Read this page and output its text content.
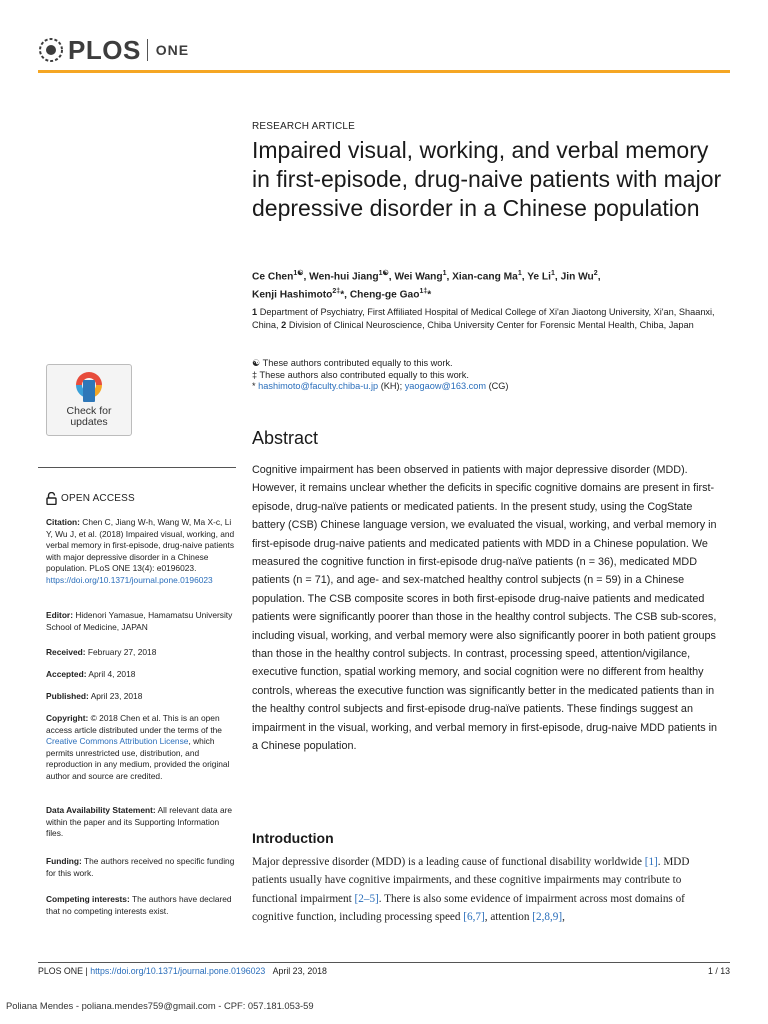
PLOS ONE
Check for updates
OPEN ACCESS
Citation: Chen C, Jiang W-h, Wang W, Ma X-c, Li Y, Wu J, et al. (2018) Impaired visual, working, and verbal memory in first-episode, drug-naive patients with major depressive disorder in a Chinese population. PLoS ONE 13(4): e0196023. https://doi.org/10.1371/journal.pone.0196023
Editor: Hidenori Yamasue, Hamamatsu University School of Medicine, JAPAN
Received: February 27, 2018
Accepted: April 4, 2018
Published: April 23, 2018
Copyright: © 2018 Chen et al. This is an open access article distributed under the terms of the Creative Commons Attribution License, which permits unrestricted use, distribution, and reproduction in any medium, provided the original author and source are credited.
Data Availability Statement: All relevant data are within the paper and its Supporting Information files.
Funding: The authors received no specific funding for this work.
Competing interests: The authors have declared that no competing interests exist.
RESEARCH ARTICLE
Impaired visual, working, and verbal memory in first-episode, drug-naive patients with major depressive disorder in a Chinese population
Ce Chen$^{1☯}$, Wen-hui Jiang$^{1☯}$, Wei Wang$^1$, Xian-cang Ma$^1$, Ye Li$^1$, Jin Wu$^2$,
Kenji Hashimoto$^{2\ddagger}$*, Cheng-ge Gao$^{1\ddagger}$*
1 Department of Psychiatry, First Affiliated Hospital of Medical College of Xi'an Jiaotong University, Xi'an, Shaanxi, China, 2 Division of Clinical Neuroscience, Chiba University Center for Forensic Mental Health, Chiba, Japan
☯ These authors contributed equally to this work.
‡ These authors also contributed equally to this work.
* hashimoto@faculty.chiba-u.jp (KH); yaogaow@163.com (CG)
Abstract
Cognitive impairment has been observed in patients with major depressive disorder (MDD). However, it remains unclear whether the deficits in specific cognitive domains are present in first-episode, drug-naïve patients or medicated patients. In the present study, using the CogState battery (CSB) Chinese language version, we evaluated the visual, working, and verbal memory in first-episode drug-naive patients and medicated patients with MDD in a Chinese population. We measured the cognitive function in first-episode drug-naïve patients (n = 36), medicated MDD patients (n = 71), and age- and sex-matched healthy control subjects (n = 59) in a Chinese population. The CSB composite scores in both first-episode drug-naive patients and medicated patients were significantly poorer than those in the healthy control subjects. The CSB sub-scores, including visual, working, and verbal memory were also significantly poorer in both patient groups than those in the healthy control subjects. In contrast, processing speed, attention/vigilance, executive function, spatial working memory, and social cognition were no different from healthy controls, whereas the executive function was significantly better in the medicated patients than in the healthy control subjects and first-episode drug-naïve patients. These findings suggest an impairment in the visual, working, and verbal memory in first-episode, drug-naive MDD patients in a Chinese population.
Introduction
Major depressive disorder (MDD) is a leading cause of functional disability worldwide [1]. MDD patients usually have cognitive impairments, and these cognitive impairments may contribute to functional impairment [2–5]. There is also some evidence of impairment across most domains of cognitive function, including processing speed [6,7], attention [2,8,9],
PLOS ONE | https://doi.org/10.1371/journal.pone.0196023 April 23, 2018	1 / 13
Poliana Mendes - poliana.mendes759@gmail.com - CPF: 057.181.053-59
